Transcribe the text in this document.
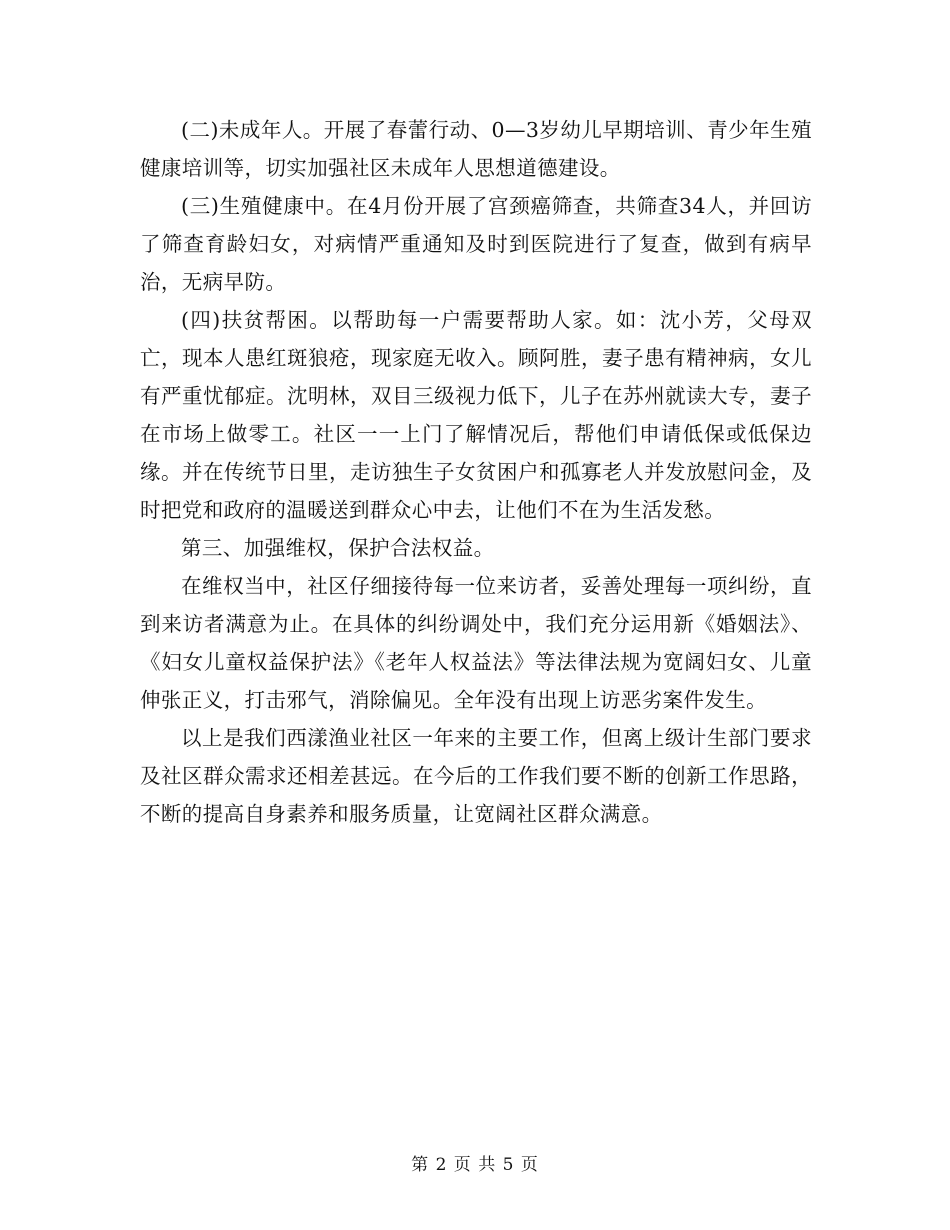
(二)未成年人。开展了春蕾行动、0—3岁幼儿早期培训、青少年生殖健康培训等，切实加强社区未成年人思想道德建设。

(三)生殖健康中。在4月份开展了宫颈癌筛查，共筛查34人，并回访了筛查育龄妇女，对病情严重通知及时到医院进行了复查，做到有病早治，无病早防。

(四)扶贫帮困。以帮助每一户需要帮助人家。如：沈小芳，父母双亡，现本人患红斑狼疮，现家庭无收入。顾阿胜，妻子患有精神病，女儿有严重忧郁症。沈明林，双目三级视力低下，儿子在苏州就读大专，妻子在市场上做零工。社区一一上门了解情况后，帮他们申请低保或低保边缘。并在传统节日里，走访独生子女贫困户和孤寡老人并发放慰问金，及时把党和政府的温暖送到群众心中去，让他们不在为生活发愁。

第三、加强维权，保护合法权益。

在维权当中，社区仔细接待每一位来访者，妥善处理每一项纠纷，直到来访者满意为止。在具体的纠纷调处中，我们充分运用新《婚姻法》、《妇女儿童权益保护法》《老年人权益法》等法律法规为宽阔妇女、儿童伸张正义，打击邪气，消除偏见。全年没有出现上访恶劣案件发生。

以上是我们西漾渔业社区一年来的主要工作，但离上级计生部门要求及社区群众需求还相差甚远。在今后的工作我们要不断的创新工作思路，不断的提高自身素养和服务质量，让宽阔社区群众满意。

第 2 页 共 5 页
